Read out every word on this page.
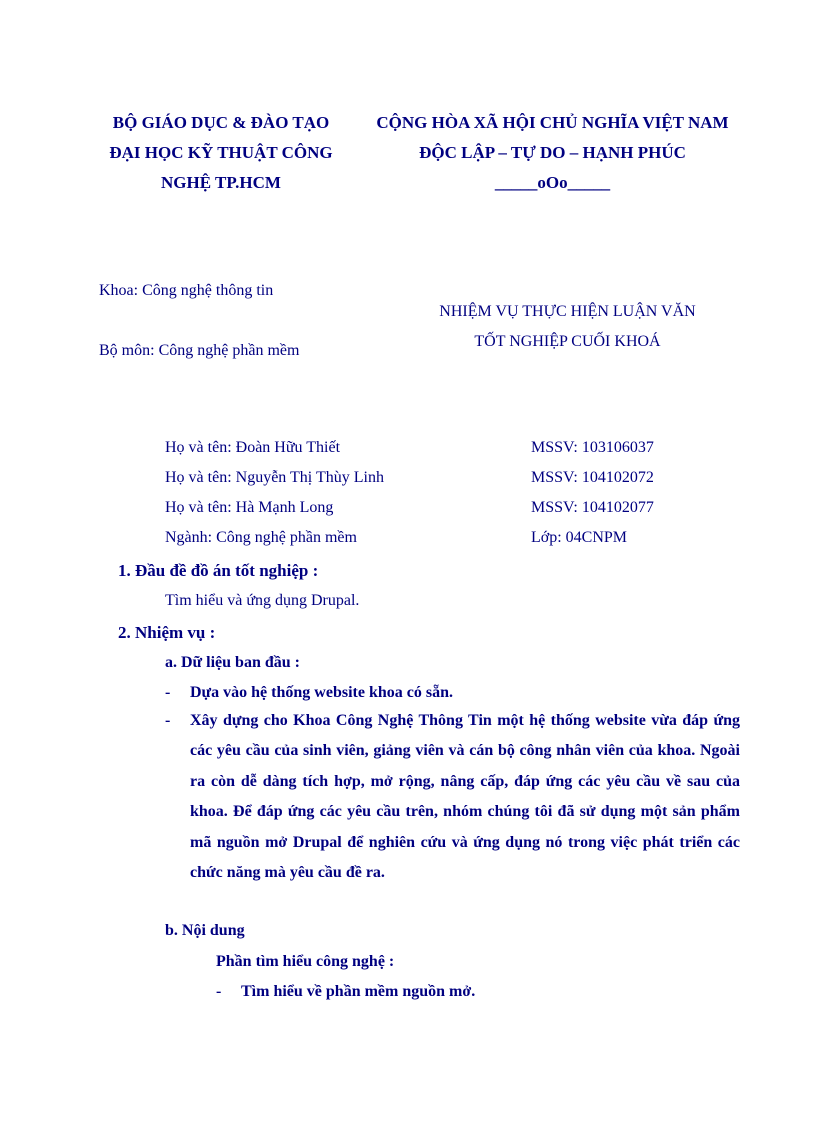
BỘ GIÁO DỤC & ĐÀO TẠO
ĐẠI HỌC KỸ THUẬT CÔNG
NGHỆ TP.HCM
CỘNG HÒA XÃ HỘI CHỦ NGHĨA VIỆT NAM
ĐỘC LẬP – TỰ DO – HẠNH PHÚC
_____oOo_____
Khoa: Công nghệ thông tin
Bộ môn: Công nghệ phần mềm
NHIỆM VỤ THỰC HIỆN LUẬN VĂN
TỐT NGHIỆP CUỐI KHOÁ
Họ và tên: Đoàn Hữu Thiết	MSSV: 103106037
Họ và tên: Nguyễn Thị Thùy Linh	MSSV: 104102072
Họ và tên: Hà Mạnh Long	MSSV: 104102077
Ngành: Công nghệ phần mềm	Lớp: 04CNPM
1. Đầu đề đồ án tốt nghiệp :
Tìm hiểu và ứng dụng Drupal.
2. Nhiệm vụ :
a. Dữ liệu ban đầu :
- Dựa vào hệ thống website khoa có sẵn.
- Xây dựng cho Khoa Công Nghệ Thông Tin một hệ thống website vừa đáp ứng các yêu cầu của sinh viên, giảng viên và cán bộ công nhân viên của khoa. Ngoài ra còn dễ dàng tích hợp, mở rộng, nâng cấp, đáp ứng các yêu cầu về sau của khoa. Để đáp ứng các yêu cầu trên, nhóm chúng tôi đã sử dụng một sản phẩm mã nguồn mở Drupal để nghiên cứu và ứng dụng nó trong việc phát triển các chức năng mà yêu cầu đề ra.
b. Nội dung
Phần tìm hiểu công nghệ :
- Tìm hiểu về phần mềm nguồn mở.
